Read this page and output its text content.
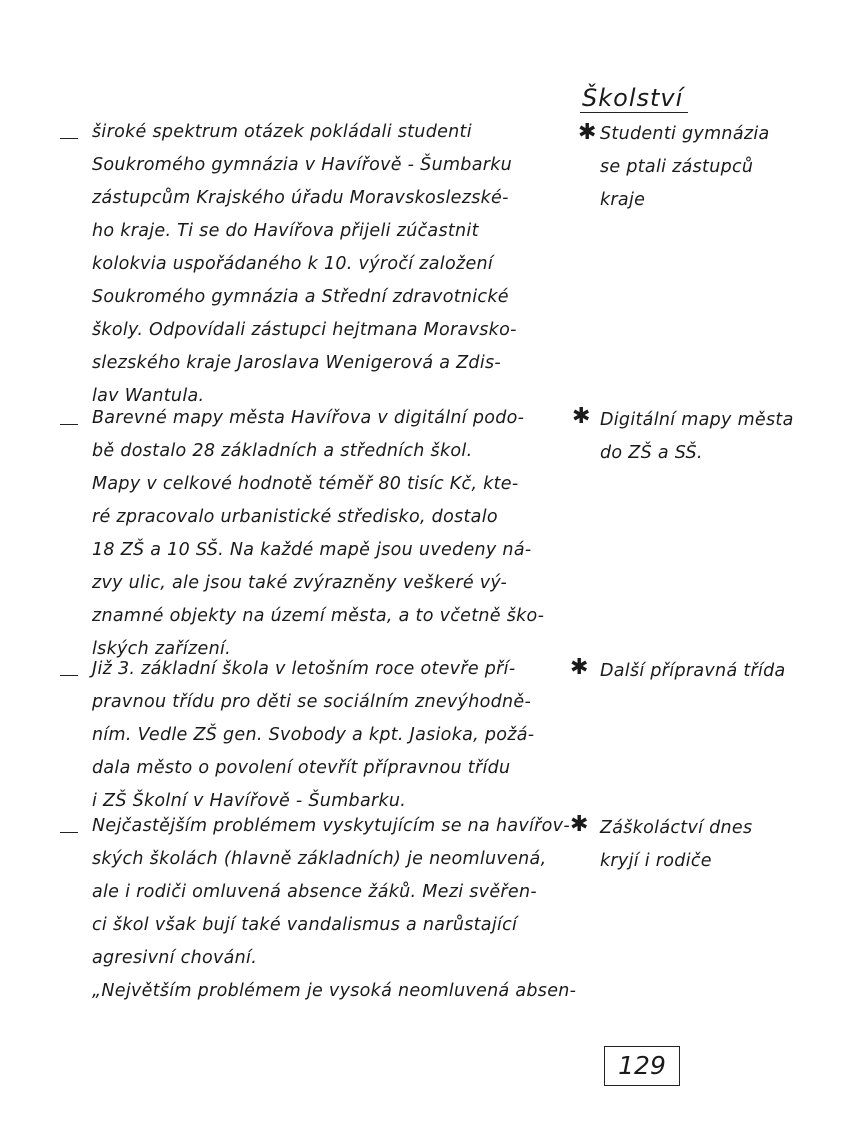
Školství
široké spektrum otázek pokládali studenti
Soukromého gymnázia v Havířově - Šumbarku
zástupcům Krajského úřadu Moravskoslezské-
ho kraje. Ti se do Havířova přijeli zúčastnit
kolokvia uspořádaného k 10. výročí založení
Soukromého gymnázia a Střední zdravotnické
školy. Odpovídali zástupci hejtmana Moravsko-
slezského kraje Jaroslava Wenigerová a Zdis-
lav Wantula.
✱ Studenti gymnázia
se ptali zástupců
kraje
Barevné mapy města Havířova v digitální podo-
bě dostalo 28 základních a středních škol.
Mapy v celkové hodnotě téměř 80 tisíc Kč, kte-
ré zpracovalo urbanistické středisko, dostalo
18 ZŠ a 10 SŠ. Na každé mapě jsou uvedeny ná-
zvy ulic, ale jsou také zvýrazněny veškeré vý-
znamné objekty na území města, a to včetně ško-
lských zařízení.
✱ Digitální mapy města
do ZŠ a SŠ.
Již 3. základní škola v letošním roce otevře pří-
pravnou třídu pro děti se sociálním znevýhodně-
ním. Vedle ZŠ gen. Svobody a kpt. Jasioka, požá-
dala město o povolení otevřít přípravnou třídu
i ZŠ Školní v Havířově - Šumbarku.
✱ Další přípravná třída
Nejčastějším problémem vyskytujícím se na havířov-
ských školách (hlavně základních) je neomluvená,
ale i rodiči omluvená absence žáků. Mezi svěřen-
ci škol však bují také vandalismus a narůstající
agresivní chování.
„Největším problémem je vysoká neomluvená absen-
✱ Záškoláctví dnes
kryjí i rodiče
129
